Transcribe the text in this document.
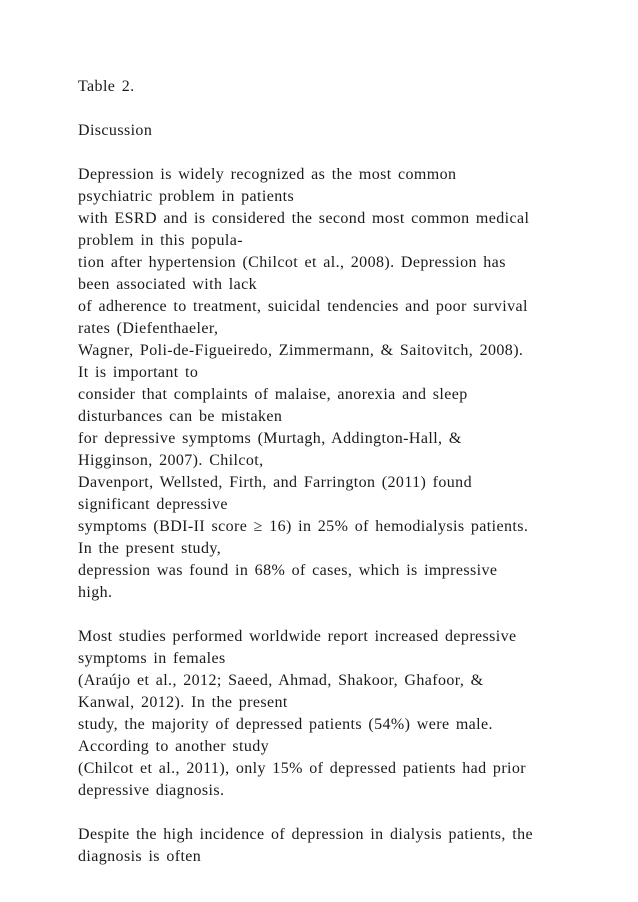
Table 2.
Discussion
Depression is widely recognized as the most common
psychiatric problem in patients
with ESRD and is considered the second most common medical
problem in this popula-
tion after hypertension (Chilcot et al., 2008). Depression has
been associated with lack
of adherence to treatment, suicidal tendencies and poor survival
rates (Diefenthaeler,
Wagner, Poli-de-Figueiredo, Zimmermann, & Saitovitch, 2008).
It is important to
consider that complaints of malaise, anorexia and sleep
disturbances can be mistaken
for depressive symptoms (Murtagh, Addington-Hall, &
Higginson, 2007). Chilcot,
Davenport, Wellsted, Firth, and Farrington (2011) found
significant depressive
symptoms (BDI-II score ≥ 16) in 25% of hemodialysis patients.
In the present study,
depression was found in 68% of cases, which is impressive
high.
Most studies performed worldwide report increased depressive
symptoms in females
(Araújo et al., 2012; Saeed, Ahmad, Shakoor, Ghafoor, &
Kanwal, 2012). In the present
study, the majority of depressed patients (54%) were male.
According to another study
(Chilcot et al., 2011), only 15% of depressed patients had prior
depressive diagnosis.
Despite the high incidence of depression in dialysis patients, the
diagnosis is often
